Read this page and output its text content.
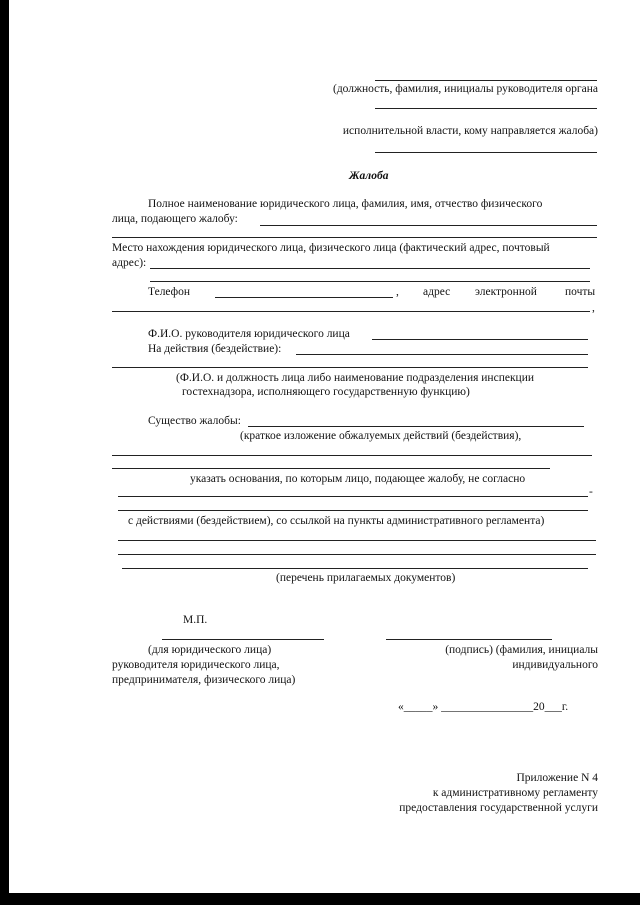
(должность, фамилия, инициалы руководителя органа
исполнительной власти, кому направляется жалоба)
Жалоба
Полное наименование юридического лица, фамилия, имя, отчество физического
лица, подающего жалобу:
Место нахождения юридического лица, физического лица (фактический адрес, почтовый
адрес):
Телефон	, адрес электронной почты
,
Ф.И.О. руководителя юридического лица
На действия (бездействие):
(Ф.И.О. и должность лица либо наименование подразделения инспекции
гостехнадзора, исполняющего государственную функцию)
Существо жалобы:
(краткое изложение обжалуемых действий (бездействия),
указать основания, по которым лицо, подающее жалобу, не согласно
-
с действиями (бездействием), со ссылкой на пункты административного регламента)
(перечень прилагаемых документов)
М.П.
(для юридического лица)
руководителя юридического лица,
предпринимателя, физического лица)
(подпись) (фамилия, инициалы
индивидуального
«_____» ________________20___г.
Приложение N 4
к административному регламенту
предоставления государственной услуги
